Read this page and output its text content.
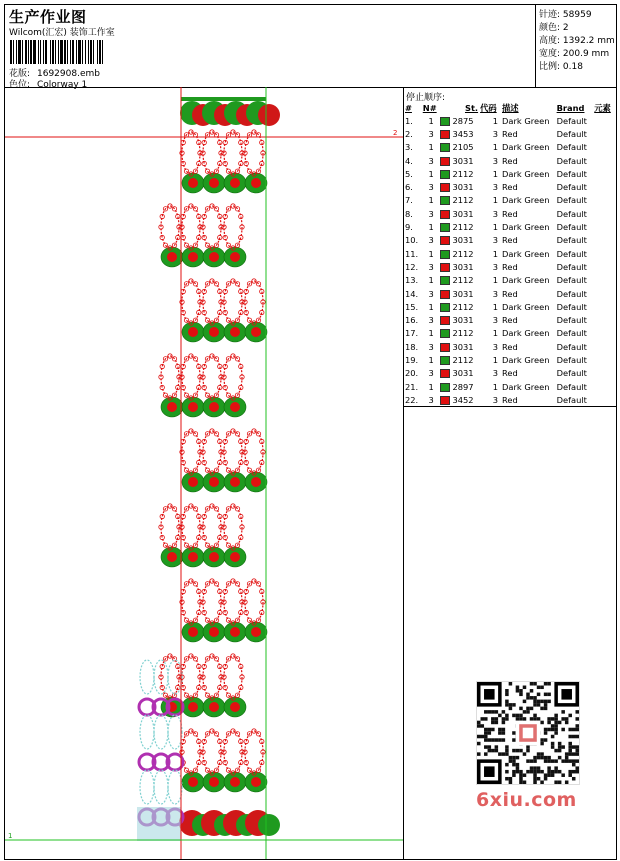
生产作业图
Wilcom(汇宏) 装饰工作室
花版: 1692908.emb
色位: Colorway 1
针迹: 58959
颜色: 2
高度: 1392.2 mm
宽度: 200.9 mm
比例: 0.18
2
1
停止顺序:
#	N#		St.	代码	描述	Brand	元素
1.	1		2875	1	Dark Green	Default	
2.	3		3453	3	Red	Default	
3.	1		2105	1	Dark Green	Default	
4.	3		3031	3	Red	Default	
5.	1		2112	1	Dark Green	Default	
6.	3		3031	3	Red	Default	
7.	1		2112	1	Dark Green	Default	
8.	3		3031	3	Red	Default	
9.	1		2112	1	Dark Green	Default	
10.	3		3031	3	Red	Default	
11.	1		2112	1	Dark Green	Default	
12.	3		3031	3	Red	Default	
13.	1		2112	1	Dark Green	Default	
14.	3		3031	3	Red	Default	
15.	1		2112	1	Dark Green	Default	
16.	3		3031	3	Red	Default	
17.	1		2112	1	Dark Green	Default	
18.	3		3031	3	Red	Default	
19.	1		2112	1	Dark Green	Default	
20.	3		3031	3	Red	Default	
21.	1		2897	1	Dark Green	Default	
22.	3		3452	3	Red	Default	
6xiu.com
